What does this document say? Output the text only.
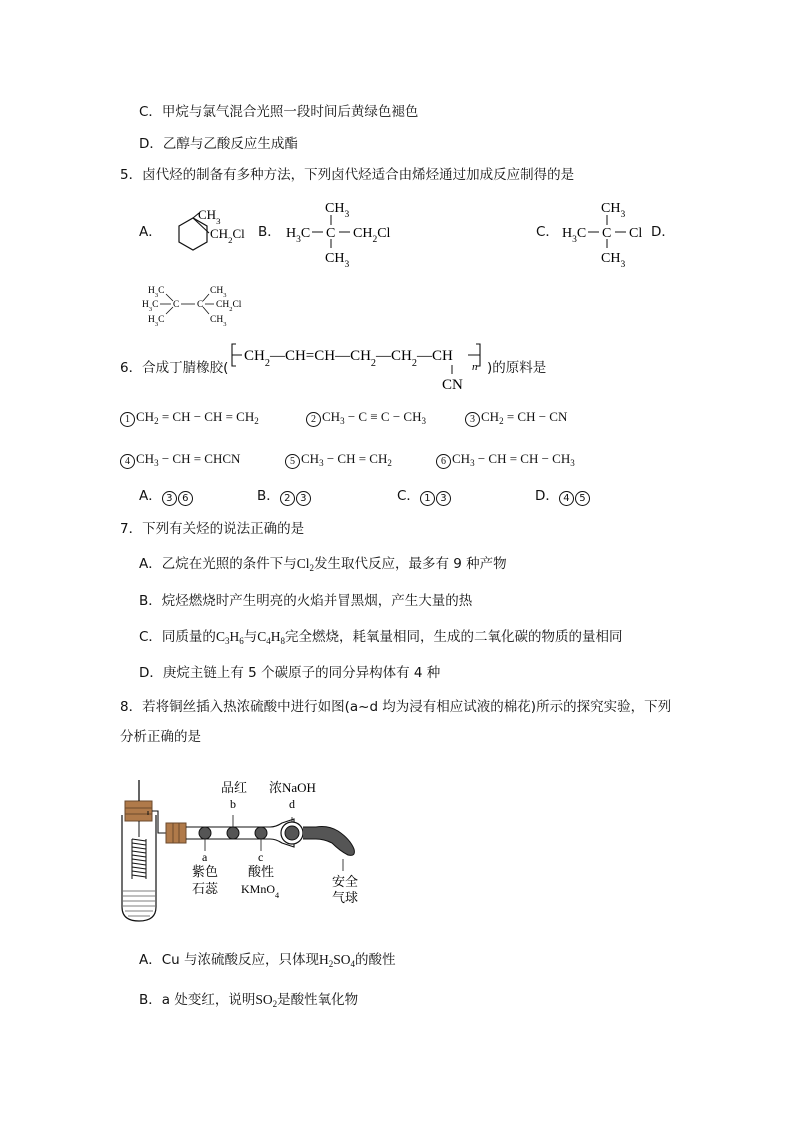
C．甲烷与氯气混合光照一段时间后黄绿色褪色
D．乙醇与乙酸反应生成酯
5．卤代烃的制备有多种方法，下列卤代烃适合由烯烃通过加成反应制得的是
A．
$CH_3$
$CH_2Cl$ B． $H_3C$ C $CH_2Cl$
$CH_3$
$CH_3$
C． $H_3C$ C Cl
$CH_3$
$CH_3$
D．
$H_3C$	$CH_3$
$H_3C$ C C $CH_2Cl$
$H_3C$	$CH_3$
6．合成丁腈橡胶(
$CH_2—CH=CH—CH_2—CH_2—CH$
n
CN
)的原料是
1 $CH_2$ = CH − CH = $CH_2$	2 $CH_3 - C \equiv C - CH_3$	3 $CH_2$ = CH − CN
4 $CH_3$ − CH = CHCN	5 $CH_3$ − CH = $CH_2$	6 $CH_3$ − CH = CH − $CH_3$
A． 3 6	B． 2 3	C． 1 3	D． 4 5
7．下列有关烃的说法正确的是
A．乙烷在光照的条件下与$Cl_2$发生取代反应，最多有 9 种产物
B．烷烃燃烧时产生明亮的火焰并冒黑烟，产生大量的热
C．同质量的$C_3H_6$与$C_4H_8$完全燃烧，耗氧量相同，生成的二氧化碳的物质的量相同
D．庚烷主链上有 5 个碳原子的同分异构体有 4 种
8．若将铜丝插入热浓硫酸中进行如图(a~d 均为浸有相应试液的棉花)所示的探究实验，下列
分析正确的是
品红
b
浓NaOH
d
a
紫色
石蕊
c
酸性
KMnO$_4$
安全
气球
A．Cu 与浓硫酸反应，只体现$H_2SO_4$的酸性
B．a 处变红，说明$SO_2$是酸性氧化物
